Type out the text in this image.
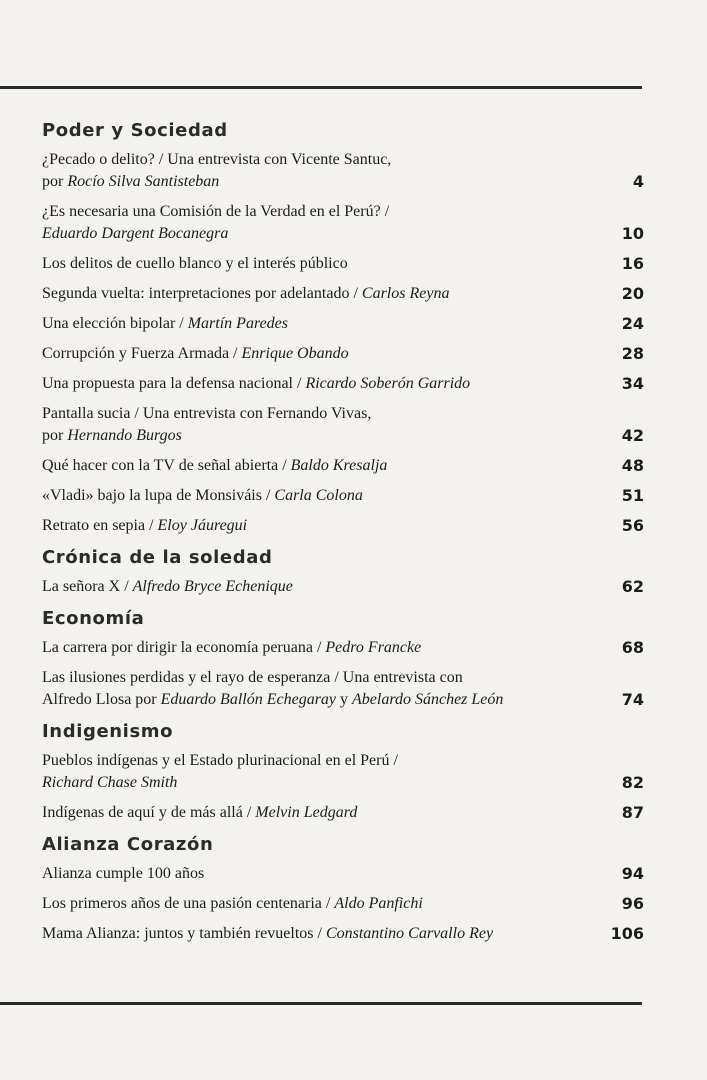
Poder y Sociedad
¿Pecado o delito? / Una entrevista con Vicente Santuc,
por Rocío Silva Santisteban	4
¿Es necesaria una Comisión de la Verdad en el Perú? /
Eduardo Dargent Bocanegra	10
Los delitos de cuello blanco y el interés público	16
Segunda vuelta: interpretaciones por adelantado / Carlos Reyna	20
Una elección bipolar / Martín Paredes	24
Corrupción y Fuerza Armada / Enrique Obando	28
Una propuesta para la defensa nacional / Ricardo Soberón Garrido	34
Pantalla sucia / Una entrevista con Fernando Vivas,
por Hernando Burgos	42
Qué hacer con la TV de señal abierta / Baldo Kresalja	48
«Vladi» bajo la lupa de Monsiváis / Carla Colona	51
Retrato en sepia / Eloy Jáuregui	56
Crónica de la soledad
La señora X / Alfredo Bryce Echenique	62
Economía
La carrera por dirigir la economía peruana / Pedro Francke	68
Las ilusiones perdidas y el rayo de esperanza / Una entrevista con
Alfredo Llosa por Eduardo Ballón Echegaray y Abelardo Sánchez León	74
Indigenismo
Pueblos indígenas y el Estado plurinacional en el Perú /
Richard Chase Smith	82
Indígenas de aquí y de más allá / Melvin Ledgard	87
Alianza Corazón
Alianza cumple 100 años	94
Los primeros años de una pasión centenaria / Aldo Panfichi	96
Mama Alianza: juntos y también revueltos / Constantino Carvallo Rey	106
